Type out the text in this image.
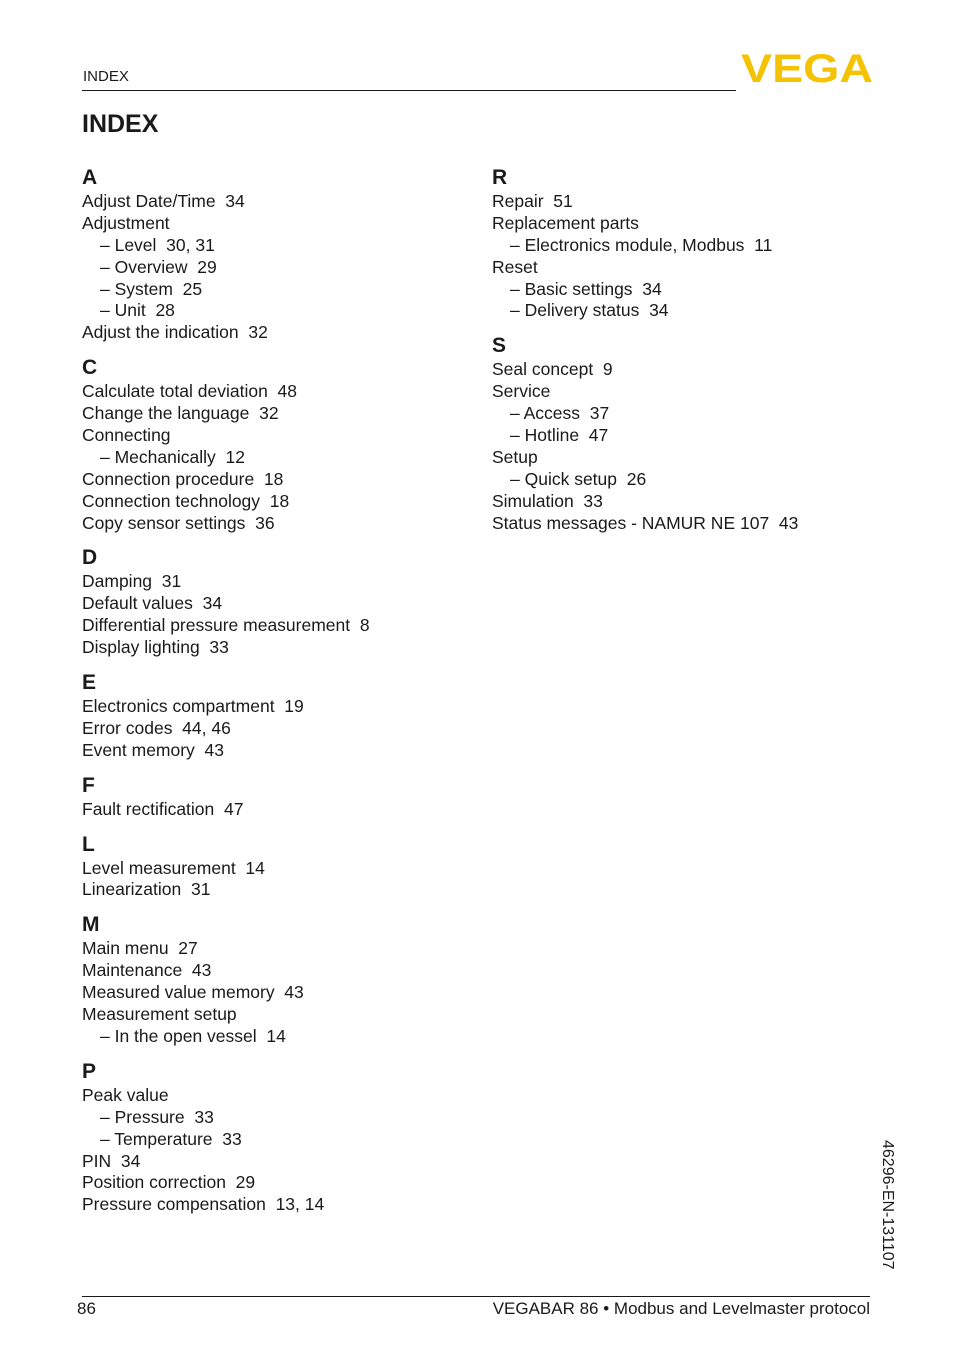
INDEX	VEGA
INDEX
A
Adjust Date/Time  34
Adjustment
– Level  30, 31
– Overview  29
– System  25
– Unit  28
Adjust the indication  32
C
Calculate total deviation  48
Change the language  32
Connecting
– Mechanically  12
Connection procedure  18
Connection technology  18
Copy sensor settings  36
D
Damping  31
Default values  34
Differential pressure measurement  8
Display lighting  33
E
Electronics compartment  19
Error codes  44, 46
Event memory  43
F
Fault rectification  47
L
Level measurement  14
Linearization  31
M
Main menu  27
Maintenance  43
Measured value memory  43
Measurement setup
– In the open vessel  14
P
Peak value
– Pressure  33
– Temperature  33
PIN  34
Position correction  29
Pressure compensation  13, 14
R
Repair  51
Replacement parts
– Electronics module, Modbus  11
Reset
– Basic settings  34
– Delivery status  34
S
Seal concept  9
Service
– Access  37
– Hotline  47
Setup
– Quick setup  26
Simulation  33
Status messages - NAMUR NE 107  43
46296-EN-131107
86	VEGABAR 86 • Modbus and Levelmaster protocol
